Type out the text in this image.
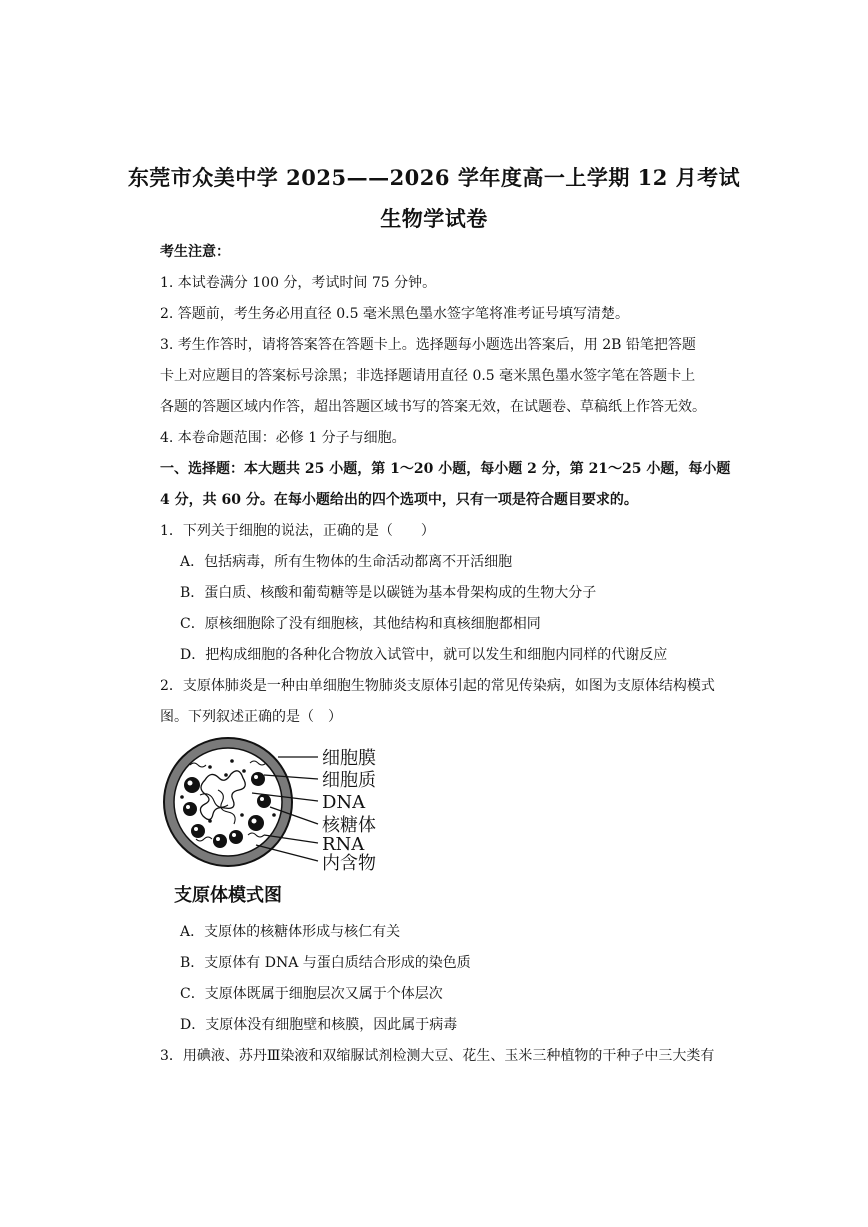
东莞市众美中学 2025——2026 学年度高一上学期 12 月考试
生物学试卷
考生注意：
1. 本试卷满分 100 分，考试时间 75 分钟。
2. 答题前，考生务必用直径 0.5 毫米黑色墨水签字笔将准考证号填写清楚。
3. 考生作答时，请将答案答在答题卡上。选择题每小题选出答案后，用 2B 铅笔把答题
卡上对应题目的答案标号涂黑；非选择题请用直径 0.5 毫米黑色墨水签字笔在答题卡上
各题的答题区域内作答，超出答题区域书写的答案无效，在试题卷、草稿纸上作答无效。
4. 本卷命题范围：必修 1 分子与细胞。
一、选择题：本大题共 25 小题，第 1～20 小题，每小题 2 分，第 21～25 小题，每小题
4 分，共 60 分。在每小题给出的四个选项中，只有一项是符合题目要求的。
1．下列关于细胞的说法，正确的是（　　）
A．包括病毒，所有生物体的生命活动都离不开活细胞
B．蛋白质、核酸和葡萄糖等是以碳链为基本骨架构成的生物大分子
C．原核细胞除了没有细胞核，其他结构和真核细胞都相同
D．把构成细胞的各种化合物放入试管中，就可以发生和细胞内同样的代谢反应
2．支原体肺炎是一种由单细胞生物肺炎支原体引起的常见传染病，如图为支原体结构模式
图。下列叙述正确的是（　）
细胞膜
细胞质
DNA
核糖体
RNA
内含物
支原体模式图
A．支原体的核糖体形成与核仁有关
B．支原体有 DNA 与蛋白质结合形成的染色质
C．支原体既属于细胞层次又属于个体层次
D．支原体没有细胞壁和核膜，因此属于病毒
3．用碘液、苏丹Ⅲ染液和双缩脲试剂检测大豆、花生、玉米三种植物的干种子中三大类有
